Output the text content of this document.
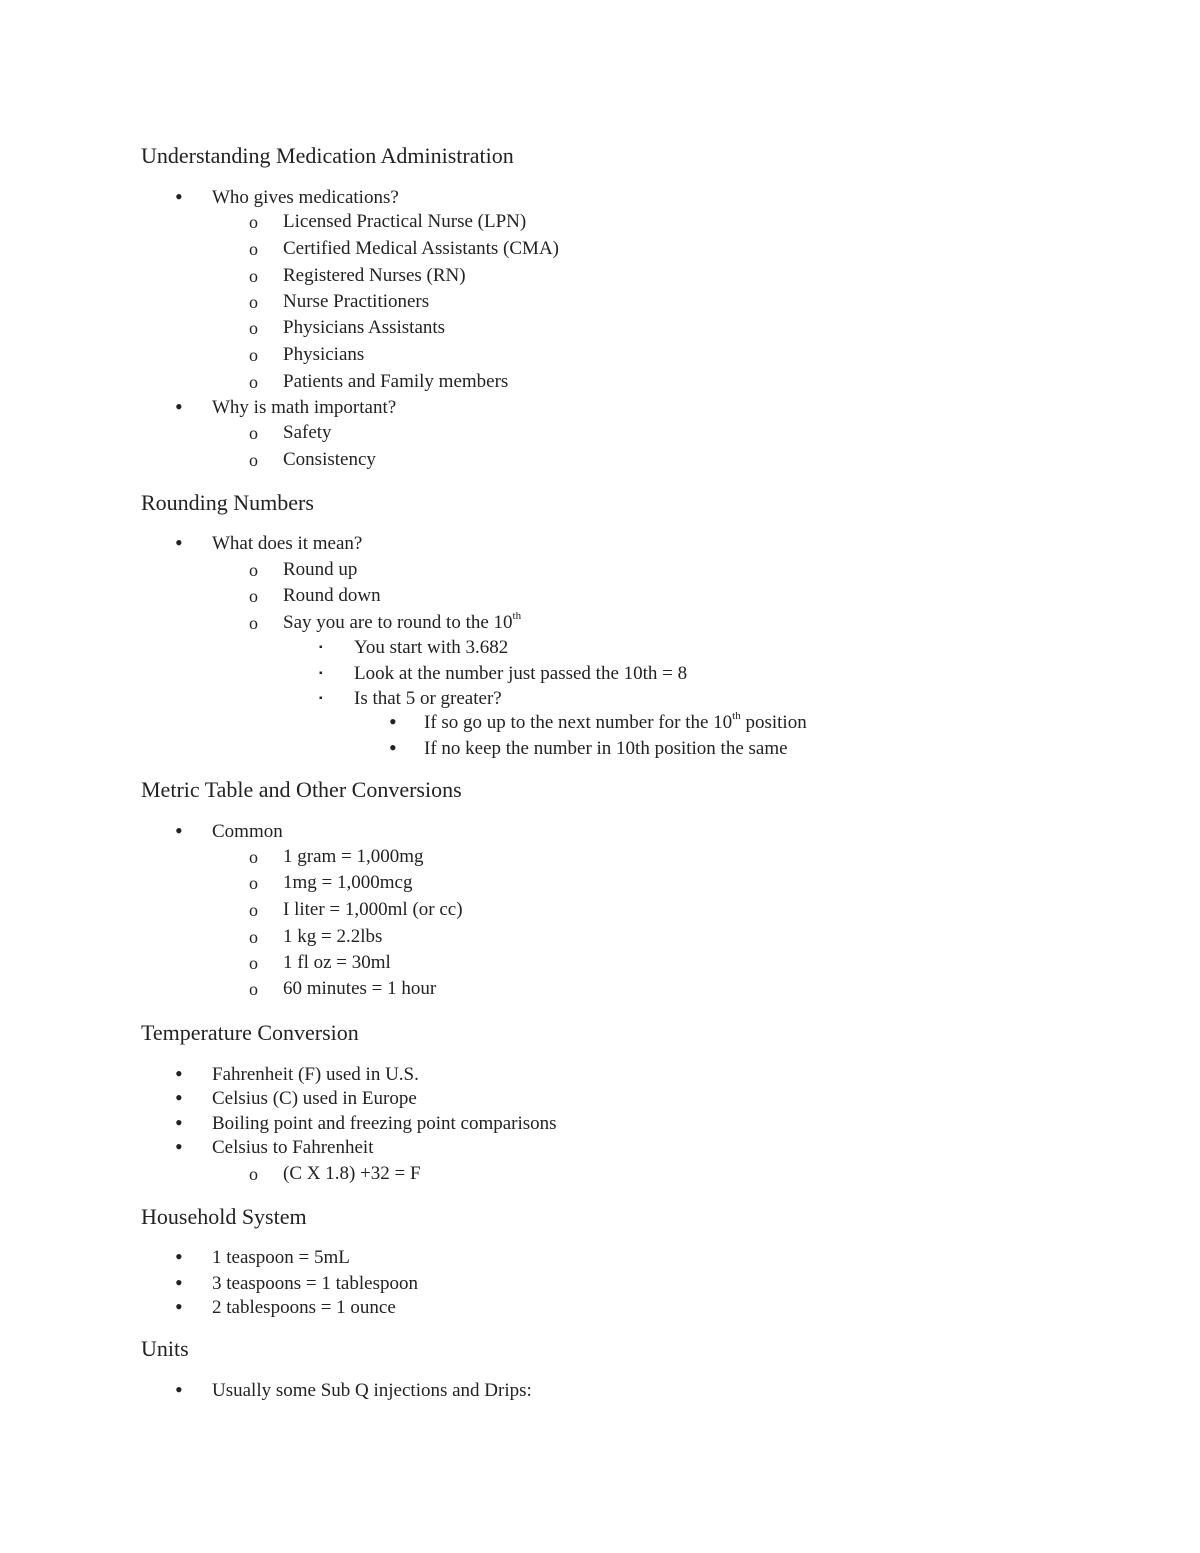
Understanding Medication Administration
• Who gives medications?
o Licensed Practical Nurse (LPN)
o Certified Medical Assistants (CMA)
o Registered Nurses (RN)
o Nurse Practitioners
o Physicians Assistants
o Physicians
o Patients and Family members
• Why is math important?
o Safety
o Consistency
Rounding Numbers
• What does it mean?
o Round up
o Round down
o Say you are to round to the 10th
▪ You start with 3.682
▪ Look at the number just passed the 10th = 8
▪ Is that 5 or greater?
• If so go up to the next number for the 10th position
• If no keep the number in 10th position the same
Metric Table and Other Conversions
• Common
o 1 gram = 1,000mg
o 1mg = 1,000mcg
o I liter = 1,000ml (or cc)
o 1 kg = 2.2lbs
o 1 fl oz = 30ml
o 60 minutes = 1 hour
Temperature Conversion
• Fahrenheit (F) used in U.S.
• Celsius (C) used in Europe
• Boiling point and freezing point comparisons
• Celsius to Fahrenheit
o (C X 1.8) +32 = F
Household System
• 1 teaspoon = 5mL
• 3 teaspoons = 1 tablespoon
• 2 tablespoons = 1 ounce
Units
• Usually some Sub Q injections and Drips:
